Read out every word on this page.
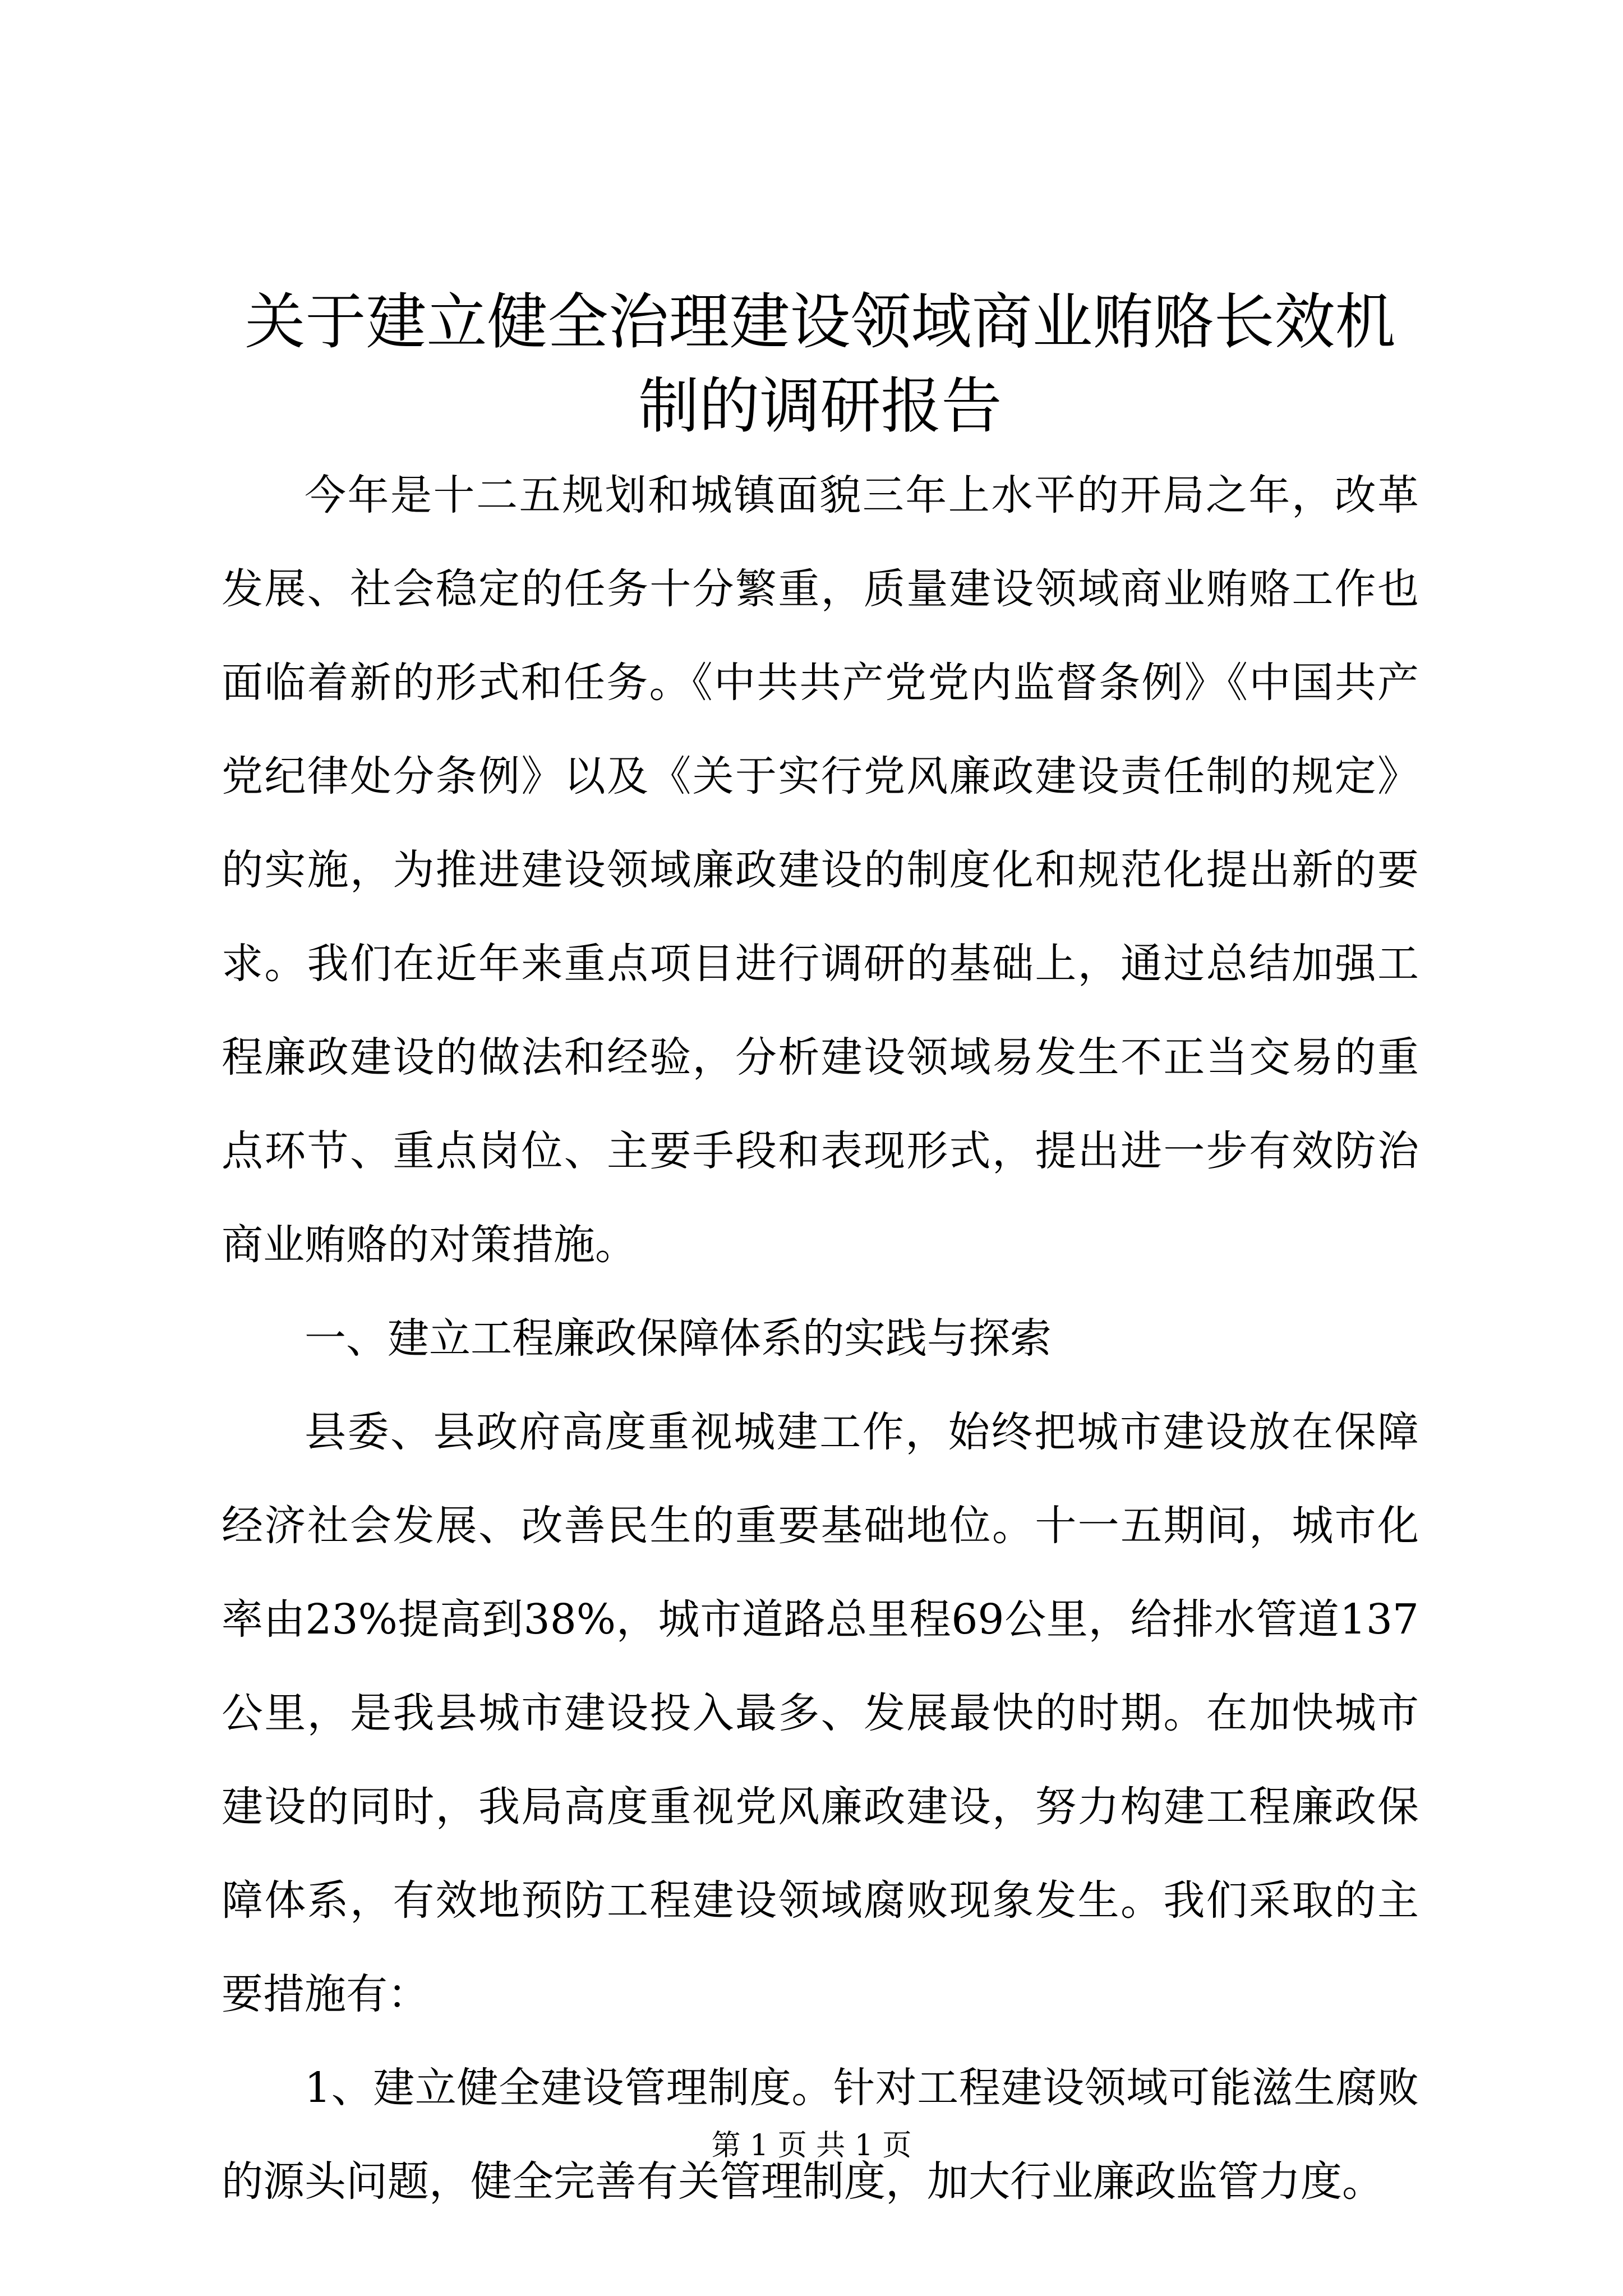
关于建立健全治理建设领域商业贿赂长效机制的调研报告

今年是十二五规划和城镇面貌三年上水平的开局之年，改革发展、社会稳定的任务十分繁重，质量建设领域商业贿赂工作也面临着新的形式和任务。《中共共产党党内监督条例》《中国共产党纪律处分条例》以及《关于实行党风廉政建设责任制的规定》的实施，为推进建设领域廉政建设的制度化和规范化提出新的要求。我们在近年来重点项目进行调研的基础上，通过总结加强工程廉政建设的做法和经验，分析建设领域易发生不正当交易的重点环节、重点岗位、主要手段和表现形式，提出进一步有效防治商业贿赂的对策措施。

一、建立工程廉政保障体系的实践与探索

县委、县政府高度重视城建工作，始终把城市建设放在保障经济社会发展、改善民生的重要基础地位。十一五期间，城市化率由23%提高到38%，城市道路总里程69公里，给排水管道137公里，是我县城市建设投入最多、发展最快的时期。在加快城市建设的同时，我局高度重视党风廉政建设，努力构建工程廉政保障体系，有效地预防工程建设领域腐败现象发生。我们采取的主要措施有：

1、建立健全建设管理制度。针对工程建设领域可能滋生腐败的源头问题，健全完善有关管理制度，加大行业廉政监管力度。

第 1 页 共 1 页
